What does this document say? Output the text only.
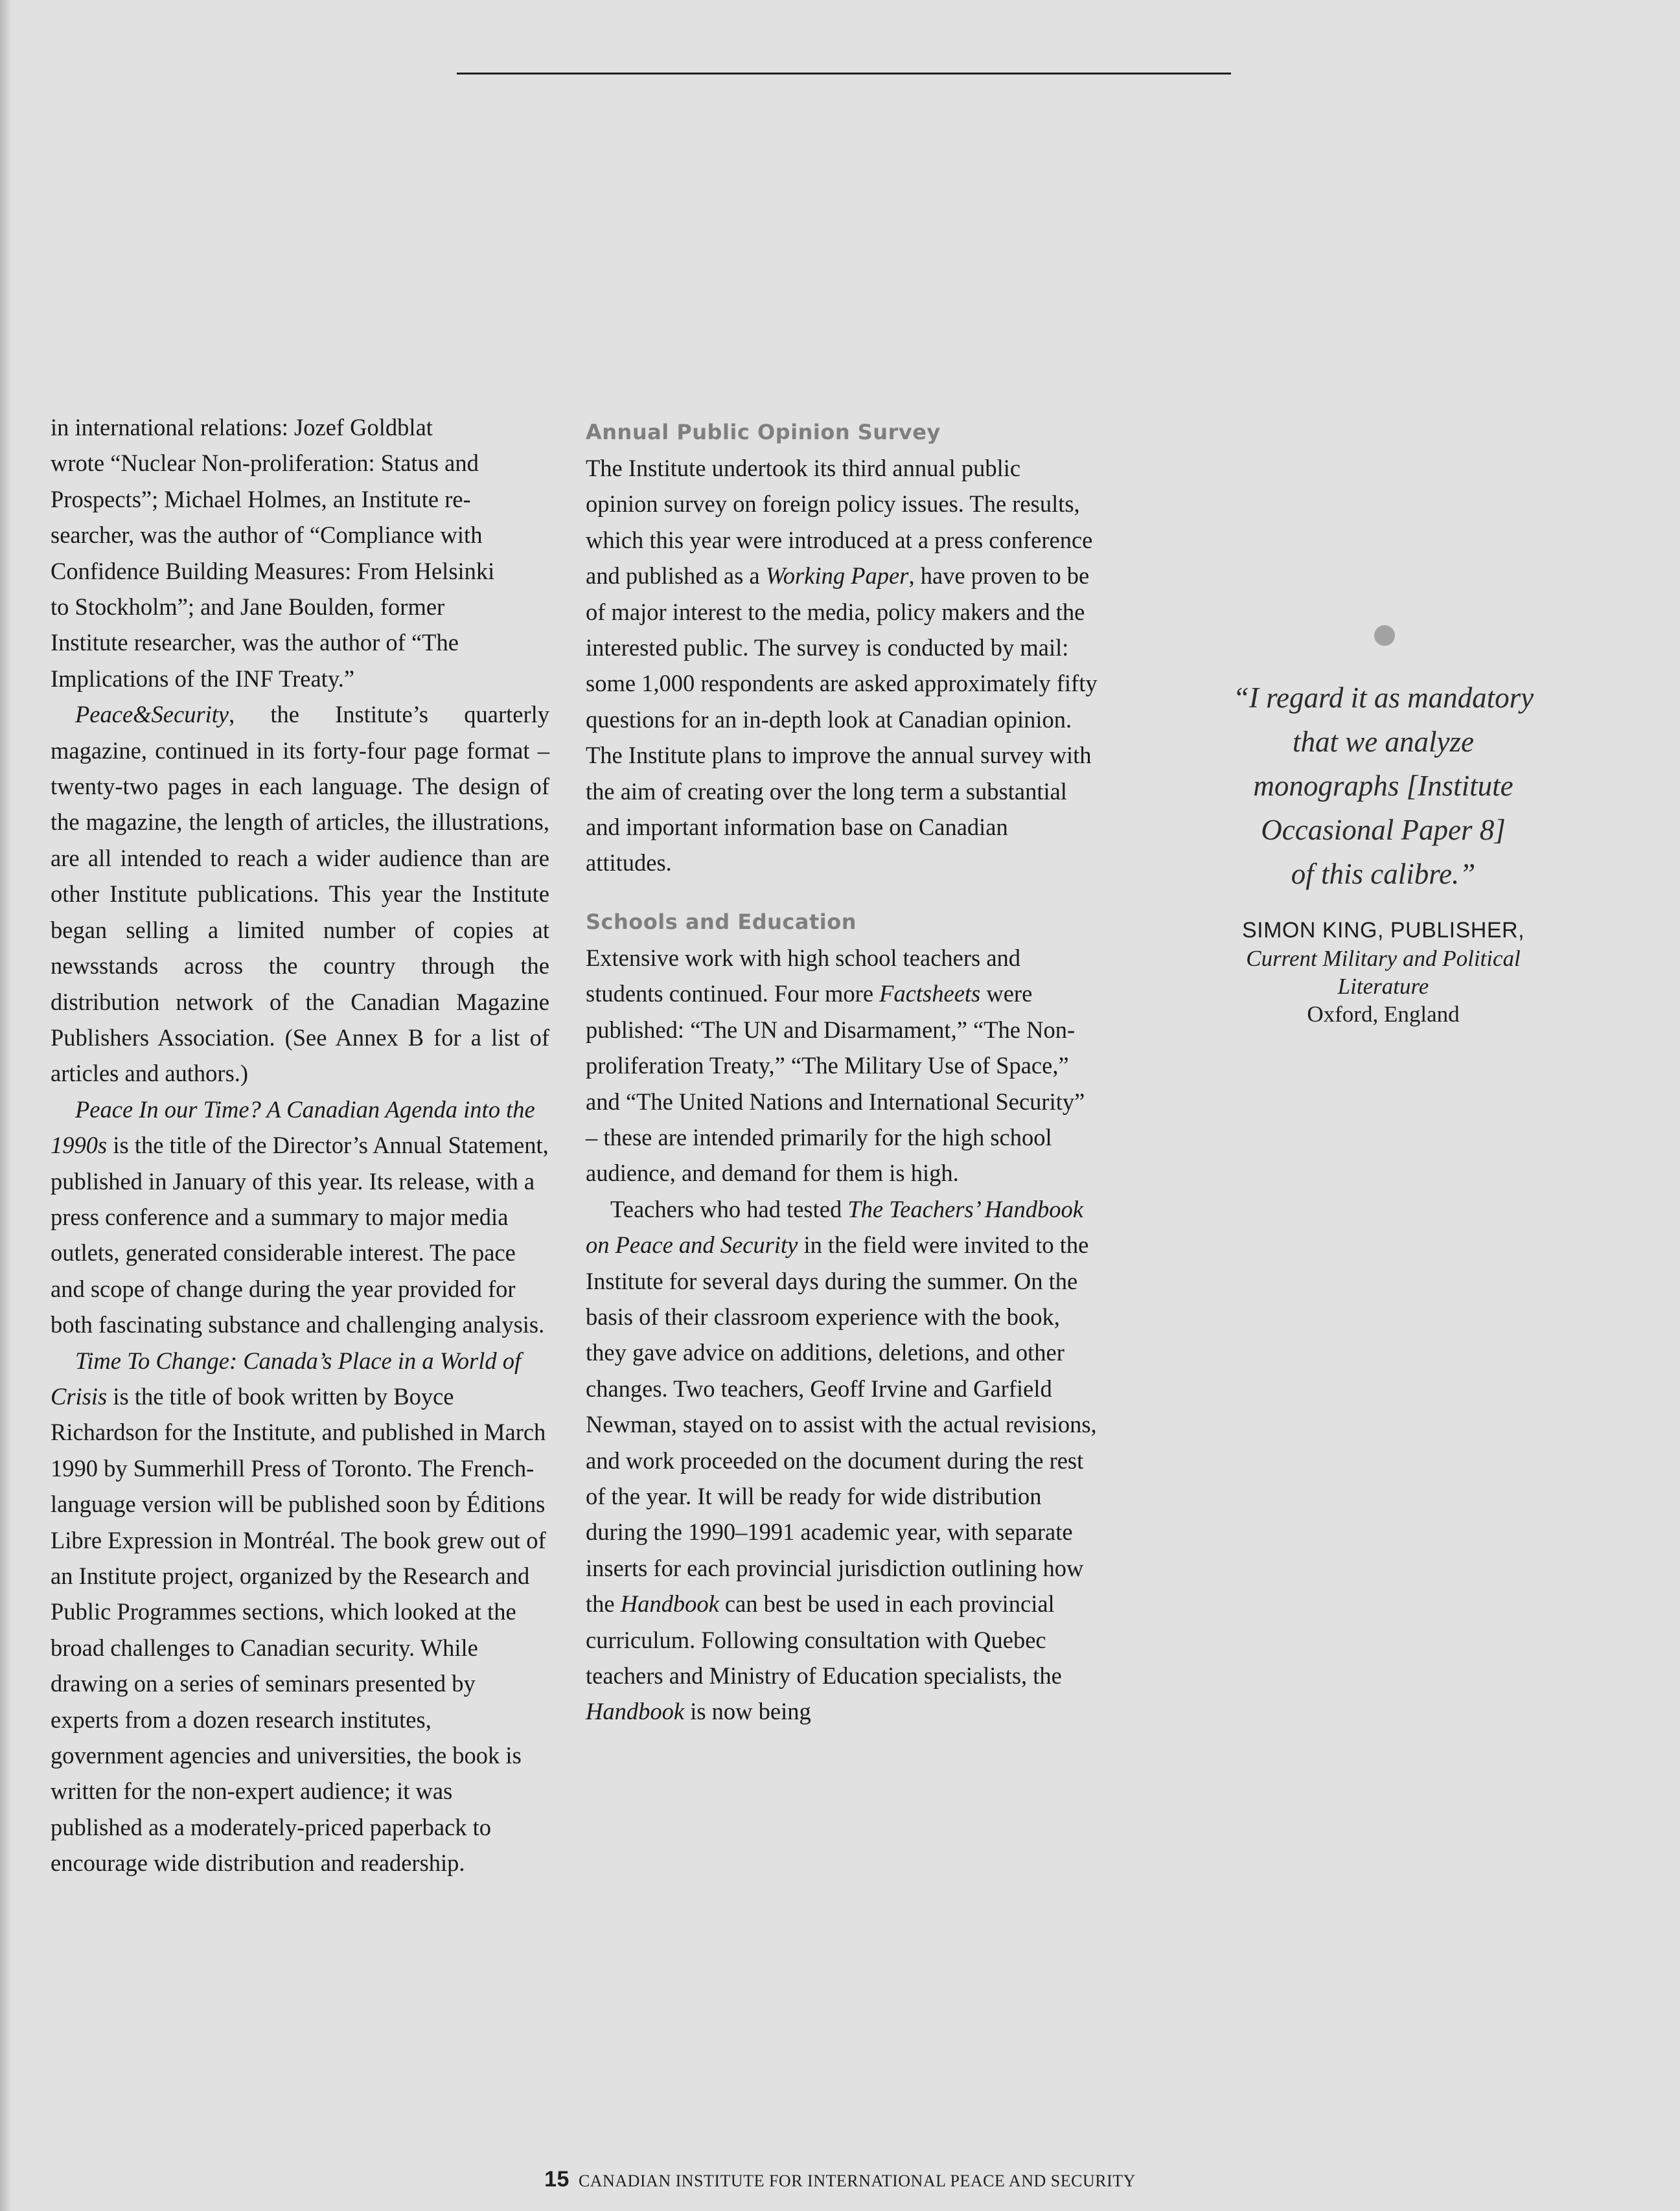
in international relations: Jozef Goldblat
wrote “Nuclear Non-proliferation: Status and
Prospects”; Michael Holmes, an Institute re-
searcher, was the author of “Compliance with
Confidence Building Measures: From Helsinki
to Stockholm”; and Jane Boulden, former
Institute researcher, was the author of “The
Implications of the INF Treaty.”

Peace&Security, the Institute’s quarterly magazine, continued in its forty-four page format – twenty-two pages in each language. The design of the magazine, the length of articles, the illustrations, are all intended to reach a wider audience than are other Institute publications. This year the Institute began selling a limited number of copies at newsstands across the country through the distribution network of the Canadian Magazine Publishers Association. (See Annex B for a list of articles and authors.)

Peace In our Time? A Canadian Agenda into the 1990s is the title of the Director’s Annual Statement, published in January of this year. Its release, with a press conference and a summary to major media outlets, generated considerable interest. The pace and scope of change during the year provided for both fascinating substance and challenging analysis.

Time To Change: Canada’s Place in a World of Crisis is the title of book written by Boyce Richardson for the Institute, and published in March 1990 by Summerhill Press of Toronto. The French-language version will be published soon by Éditions Libre Expression in Montréal. The book grew out of an Institute project, organized by the Research and Public Programmes sections, which looked at the broad challenges to Canadian security. While drawing on a series of seminars presented by experts from a dozen research institutes, government agencies and universities, the book is written for the non-expert audience; it was published as a moderately-priced paperback to encourage wide distribution and readership.

Annual Public Opinion Survey

The Institute undertook its third annual public opinion survey on foreign policy issues. The results, which this year were introduced at a press conference and published as a Working Paper, have proven to be of major interest to the media, policy makers and the interested public. The survey is conducted by mail: some 1,000 respondents are asked approximately fifty questions for an in-depth look at Canadian opinion. The Institute plans to improve the annual survey with the aim of creating over the long term a substantial and important information base on Canadian attitudes.

Schools and Education

Extensive work with high school teachers and students continued. Four more Factsheets were published: “The UN and Disarmament,” “The Non-proliferation Treaty,” “The Military Use of Space,” and “The United Nations and International Security” – these are intended primarily for the high school audience, and demand for them is high.

Teachers who had tested The Teachers’ Handbook on Peace and Security in the field were invited to the Institute for several days during the summer. On the basis of their classroom experience with the book, they gave advice on additions, deletions, and other changes. Two teachers, Geoff Irvine and Garfield Newman, stayed on to assist with the actual revisions, and work proceeded on the document during the rest of the year. It will be ready for wide distribution during the 1990–1991 academic year, with separate inserts for each provincial jurisdiction outlining how the Handbook can best be used in each provincial curriculum. Following consultation with Quebec teachers and Ministry of Education specialists, the Handbook is now being

“I regard it as mandatory
that we analyze
monographs [Institute
Occasional Paper 8]
of this calibre.”
SIMON KING, PUBLISHER,
Current Military and Political
Literature
Oxford, England
15 CANADIAN INSTITUTE FOR INTERNATIONAL PEACE AND SECURITY
